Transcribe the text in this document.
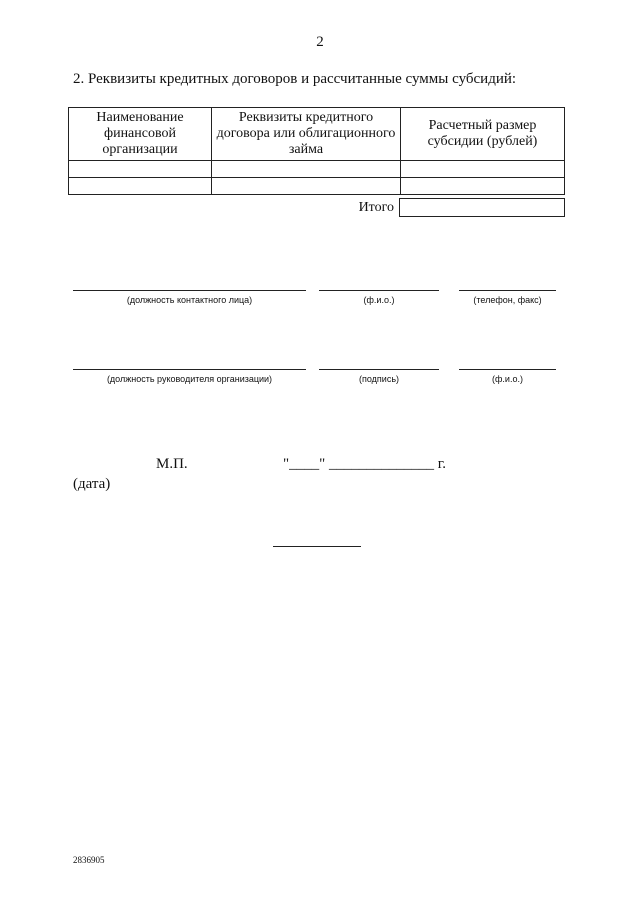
2
2. Реквизиты кредитных договоров и рассчитанные суммы субсидий:
Наименование финансовой организации	Реквизиты кредитного договора или облигационного займа	Расчетный размер субсидии (рублей)

Итого
(должность контактного лица)	(ф.и.о.)	(телефон, факс)
(должность руководителя организации)	(подпись)	(ф.и.о.)
М.П.	"____" ______________ г.
(дата)
2836905
